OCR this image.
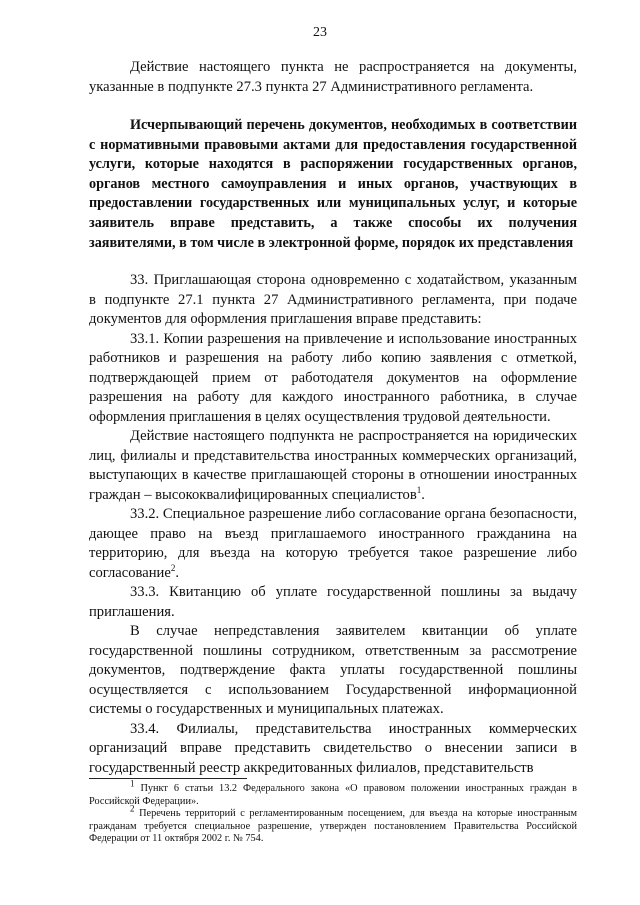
23

Действие настоящего пункта не распространяется на документы, указанные в подпункте 27.3 пункта 27 Административного регламента.

Исчерпывающий перечень документов, необходимых в соответствии с нормативными правовыми актами для предоставления государственной услуги, которые находятся в распоряжении государственных органов, органов местного самоуправления и иных органов, участвующих в предоставлении государственных или муниципальных услуг, и которые заявитель вправе представить, а также способы их получения заявителями, в том числе в электронной форме, порядок их представления

33. Приглашающая сторона одновременно с ходатайством, указанным в подпункте 27.1 пункта 27 Административного регламента, при подаче документов для оформления приглашения вправе представить:

33.1. Копии разрешения на привлечение и использование иностранных работников и разрешения на работу либо копию заявления с отметкой, подтверждающей прием от работодателя документов на оформление разрешения на работу для каждого иностранного работника, в случае оформления приглашения в целях осуществления трудовой деятельности.

Действие настоящего подпункта не распространяется на юридических лиц, филиалы и представительства иностранных коммерческих организаций, выступающих в качестве приглашающей стороны в отношении иностранных граждан – высококвалифицированных специалистов$^1$.

33.2. Специальное разрешение либо согласование органа безопасности, дающее право на въезд приглашаемого иностранного гражданина на территорию, для въезда на которую требуется такое разрешение либо согласование$^2$.

33.3. Квитанцию об уплате государственной пошлины за выдачу приглашения.

В случае непредставления заявителем квитанции об уплате государственной пошлины сотрудником, ответственным за рассмотрение документов, подтверждение факта уплаты государственной пошлины осуществляется с использованием Государственной информационной системы о государственных и муниципальных платежах.

33.4. Филиалы, представительства иностранных коммерческих организаций вправе представить свидетельство о внесении записи в государственный реестр аккредитованных филиалов, представительств

$^1$ Пункт 6 статьи 13.2 Федерального закона «О правовом положении иностранных граждан в Российской Федерации».

$^2$ Перечень территорий с регламентированным посещением, для въезда на которые иностранным гражданам требуется специальное разрешение, утвержден постановлением Правительства Российской Федерации от 11 октября 2002 г. № 754.
